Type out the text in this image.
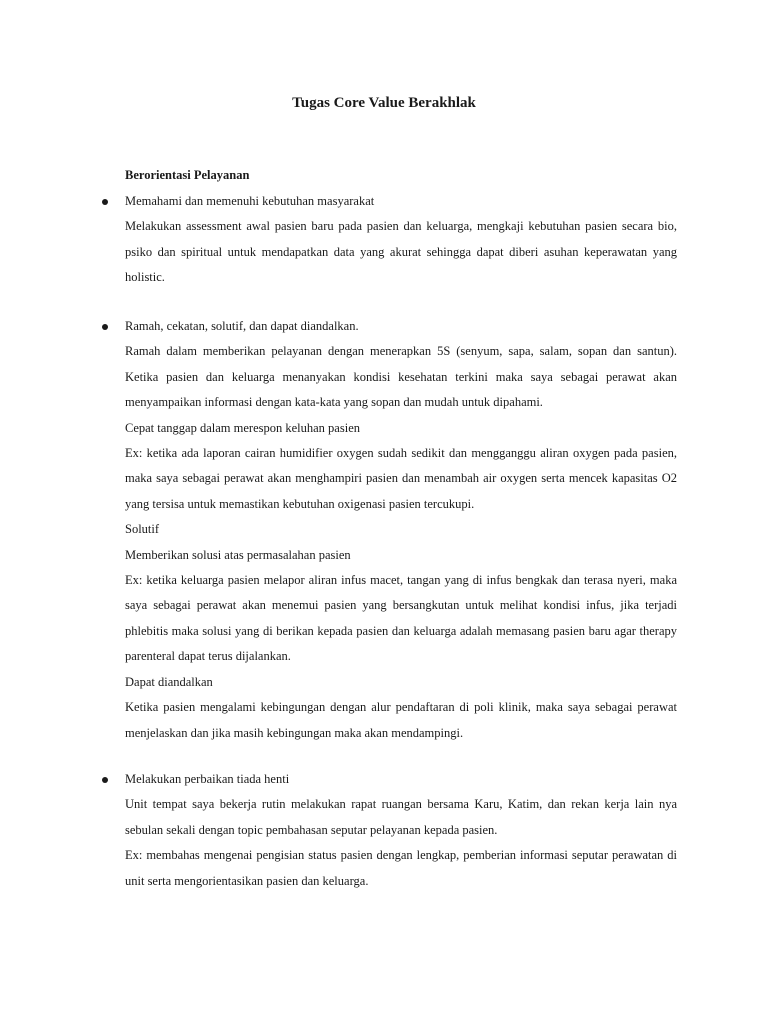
Tugas Core Value Berakhlak
Berorientasi Pelayanan
Memahami dan memenuhi kebutuhan masyarakat

Melakukan assessment awal pasien baru pada pasien dan keluarga, mengkaji kebutuhan pasien secara bio, psiko dan spiritual untuk mendapatkan data yang akurat sehingga dapat diberi asuhan keperawatan yang holistic.

Ramah, cekatan, solutif, dan dapat diandalkan.

Ramah dalam memberikan pelayanan dengan menerapkan 5S (senyum, sapa, salam, sopan dan santun). Ketika pasien dan keluarga menanyakan kondisi kesehatan terkini maka saya sebagai perawat akan menyampaikan informasi dengan kata-kata yang sopan dan mudah untuk dipahami.

Cepat tanggap dalam merespon keluhan pasien

Ex: ketika ada laporan cairan humidifier oxygen sudah sedikit dan mengganggu aliran oxygen pada pasien, maka saya sebagai perawat akan menghampiri pasien dan menambah air oxygen serta mencek kapasitas O2 yang tersisa untuk memastikan kebutuhan oxigenasi pasien tercukupi.

Solutif

Memberikan solusi atas permasalahan pasien

Ex: ketika keluarga pasien melapor aliran infus macet, tangan yang di infus bengkak dan terasa nyeri, maka saya sebagai perawat akan menemui pasien yang bersangkutan untuk melihat kondisi infus, jika terjadi phlebitis maka solusi yang di berikan kepada pasien dan keluarga adalah memasang pasien baru agar therapy parenteral dapat terus dijalankan.

Dapat diandalkan

Ketika pasien mengalami kebingungan dengan alur pendaftaran di poli klinik, maka saya sebagai perawat menjelaskan dan jika masih kebingungan maka akan mendampingi.

Melakukan perbaikan tiada henti

Unit tempat saya bekerja rutin melakukan rapat ruangan bersama Karu, Katim, dan rekan kerja lain nya sebulan sekali dengan topic pembahasan seputar pelayanan kepada pasien.

Ex: membahas mengenai pengisian status pasien dengan lengkap, pemberian informasi seputar perawatan di unit serta mengorientasikan pasien dan keluarga.
